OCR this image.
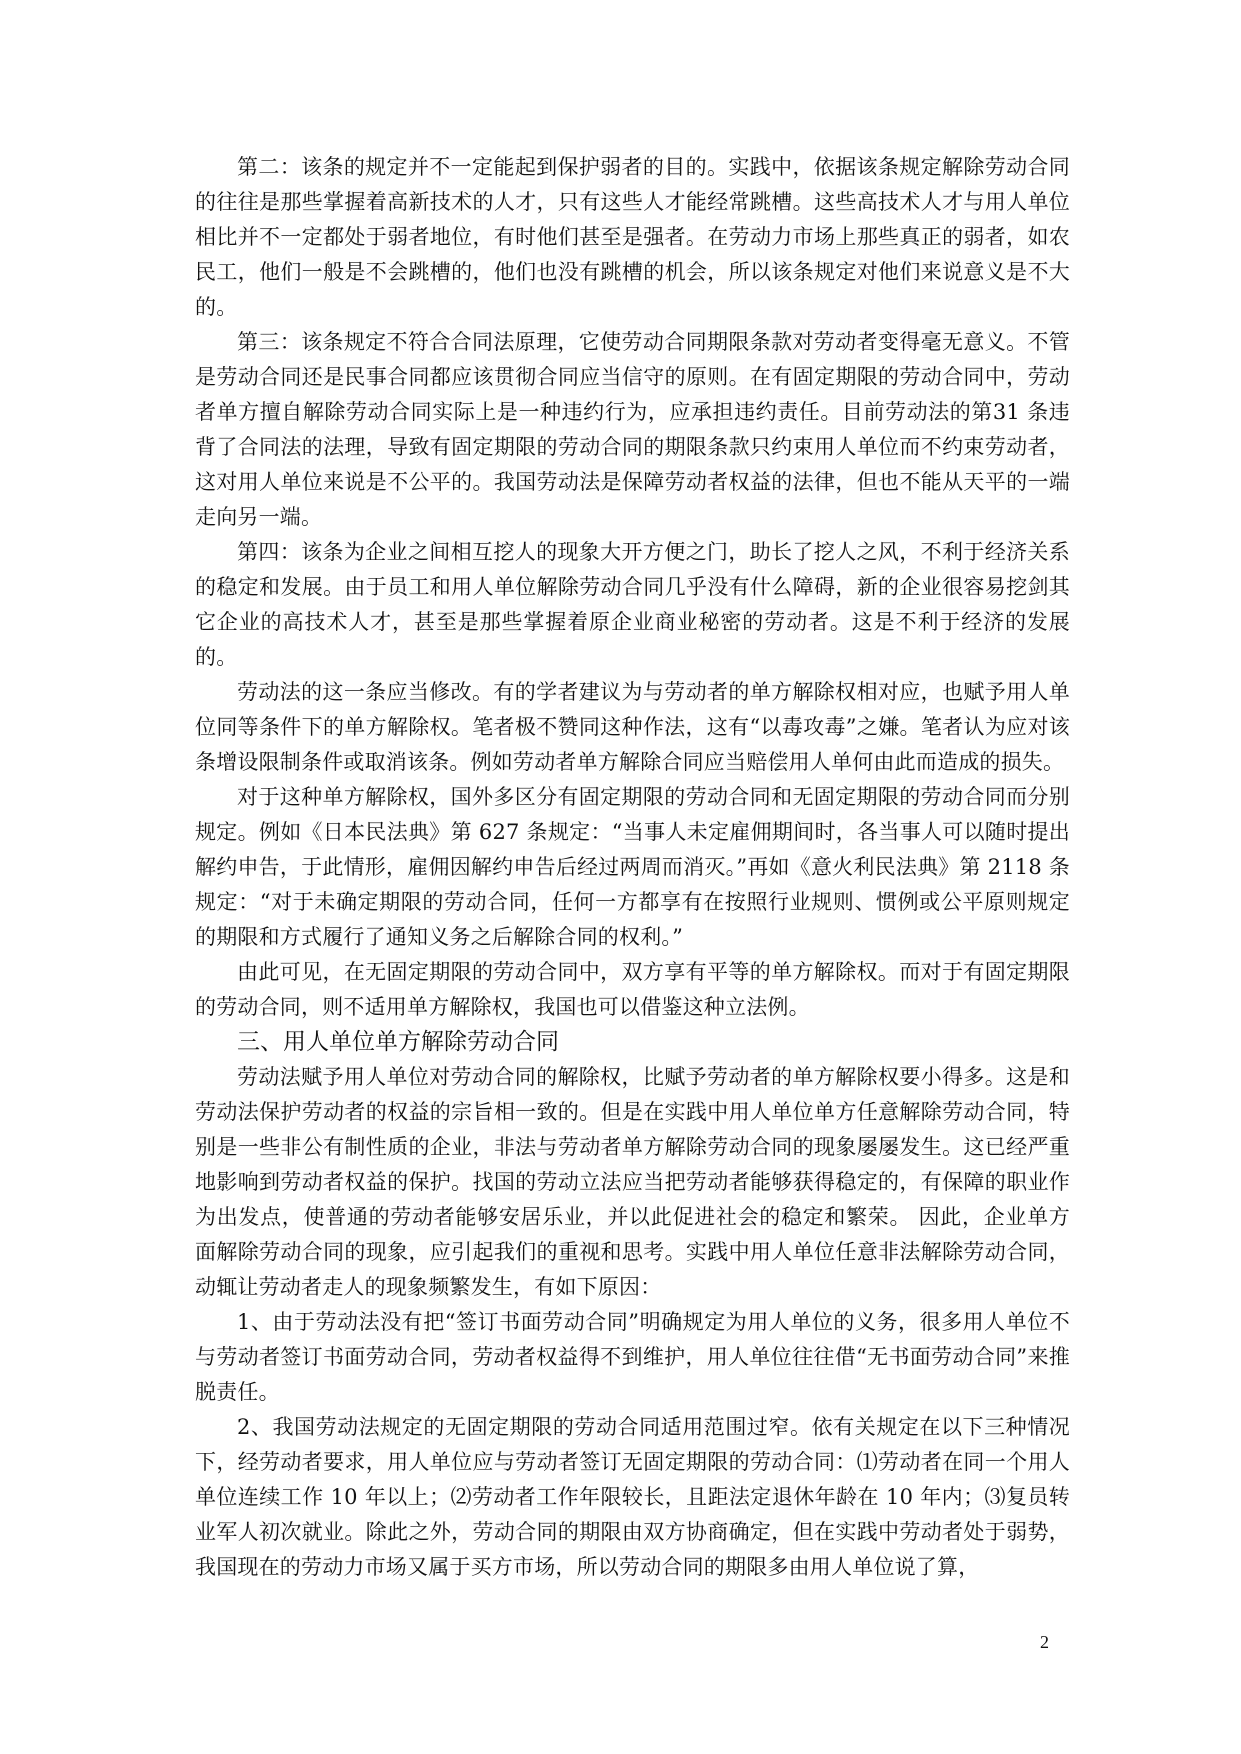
第二：该条的规定并不一定能起到保护弱者的目的。实践中，依据该条规定解除劳动合同的往往是那些掌握着高新技术的人才，只有这些人才能经常跳槽。这些高技术人才与用人单位相比并不一定都处于弱者地位，有时他们甚至是强者。在劳动力市场上那些真正的弱者，如农民工，他们一般是不会跳槽的，他们也没有跳槽的机会，所以该条规定对他们来说意义是不大的。

第三：该条规定不符合合同法原理，它使劳动合同期限条款对劳动者变得毫无意义。不管是劳动合同还是民事合同都应该贯彻合同应当信守的原则。在有固定期限的劳动合同中，劳动者单方擅自解除劳动合同实际上是一种违约行为，应承担违约责任。目前劳动法的第31 条违背了合同法的法理，导致有固定期限的劳动合同的期限条款只约束用人单位而不约束劳动者，这对用人单位来说是不公平的。我国劳动法是保障劳动者权益的法律，但也不能从天平的一端走向另一端。

第四：该条为企业之间相互挖人的现象大开方便之门，助长了挖人之风，不利于经济关系的稳定和发展。由于员工和用人单位解除劳动合同几乎没有什么障碍，新的企业很容易挖剑其它企业的高技术人才，甚至是那些掌握着原企业商业秘密的劳动者。这是不利于经济的发展的。

劳动法的这一条应当修改。有的学者建议为与劳动者的单方解除权相对应，也赋予用人单位同等条件下的单方解除权。笔者极不赞同这种作法，这有“以毒攻毒”之嫌。笔者认为应对该条增设限制条件或取消该条。例如劳动者单方解除合同应当赔偿用人单何由此而造成的损失。

对于这种单方解除权，国外多区分有固定期限的劳动合同和无固定期限的劳动合同而分别规定。例如《日本民法典》第 627 条规定：“当事人未定雇佣期间时，各当事人可以随时提出解约申告，于此情形，雇佣因解约申告后经过两周而消灭。”再如《意火利民法典》第 2118 条规定：“对于未确定期限的劳动合同，任何一方都享有在按照行业规则、惯例或公平原则规定的期限和方式履行了通知义务之后解除合同的权利。”

由此可见，在无固定期限的劳动合同中，双方享有平等的单方解除权。而对于有固定期限的劳动合同，则不适用单方解除权，我国也可以借鉴这种立法例。

三、用人单位单方解除劳动合同

劳动法赋予用人单位对劳动合同的解除权，比赋予劳动者的单方解除权要小得多。这是和劳动法保护劳动者的权益的宗旨相一致的。但是在实践中用人单位单方任意解除劳动合同，特别是一些非公有制性质的企业，非法与劳动者单方解除劳动合同的现象屡屡发生。这已经严重地影响到劳动者权益的保护。找国的劳动立法应当把劳动者能够获得稳定的，有保障的职业作为出发点，使普通的劳动者能够安居乐业，并以此促进社会的稳定和繁荣。 因此，企业单方面解除劳动合同的现象，应引起我们的重视和思考。实践中用人单位任意非法解除劳动合同，动辄让劳动者走人的现象频繁发生，有如下原因：

1、由于劳动法没有把“签订书面劳动合同”明确规定为用人单位的义务，很多用人单位不与劳动者签订书面劳动合同，劳动者权益得不到维护，用人单位往往借“无书面劳动合同”来推脱责任。

2、我国劳动法规定的无固定期限的劳动合同适用范围过窄。依有关规定在以下三种情况下，经劳动者要求，用人单位应与劳动者签订无固定期限的劳动合同：⑴劳动者在同一个用人单位连续工作 10 年以上；⑵劳动者工作年限较长，且距法定退休年龄在 10 年内；⑶复员转业军人初次就业。除此之外，劳动合同的期限由双方协商确定，但在实践中劳动者处于弱势，我国现在的劳动力市场又属于买方市场，所以劳动合同的期限多由用人单位说了算，

2
